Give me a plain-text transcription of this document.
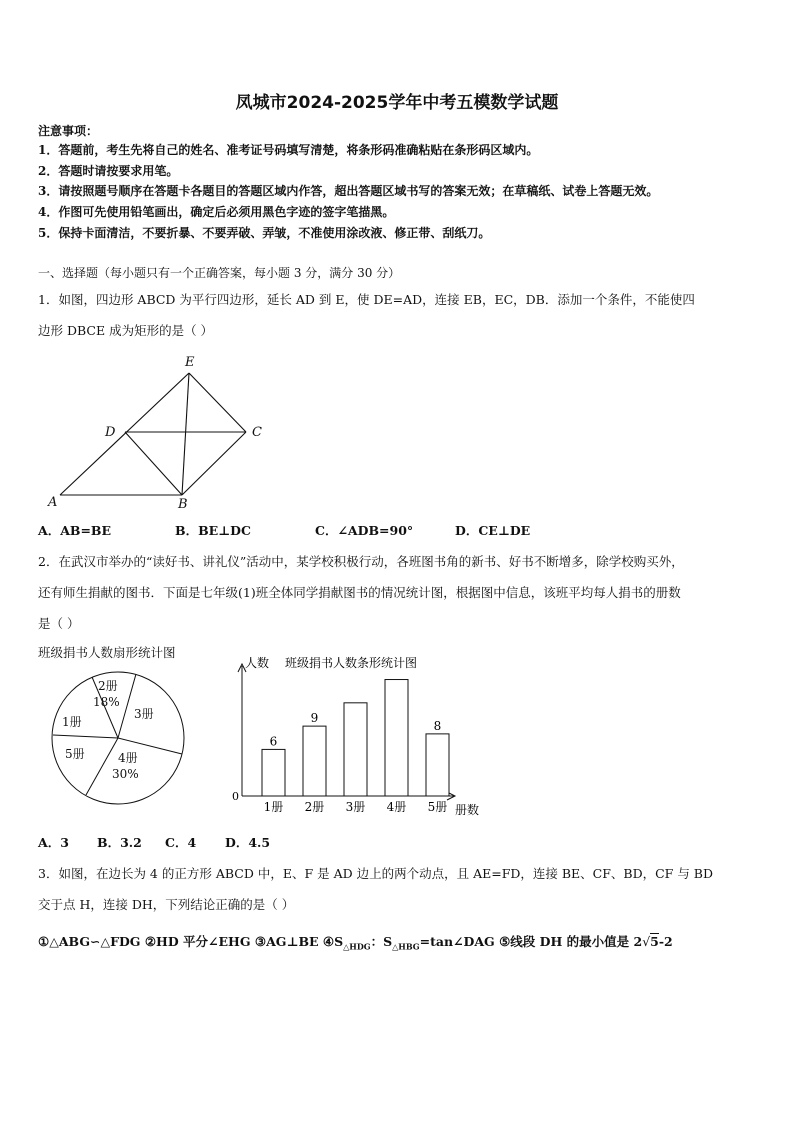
凤城市2024-2025学年中考五模数学试题
注意事项：
1．答题前，考生先将自己的姓名、准考证号码填写清楚，将条形码准确粘贴在条形码区域内。
2．答题时请按要求用笔。
3．请按照题号顺序在答题卡各题目的答题区域内作答，超出答题区域书写的答案无效；在草稿纸、试卷上答题无效。
4．作图可先使用铅笔画出，确定后必须用黑色字迹的签字笔描黑。
5．保持卡面清洁，不要折暴、不要弄破、弄皱，不准使用涂改液、修正带、刮纸刀。
一、选择题（每小题只有一个正确答案，每小题 3 分，满分 30 分）
1．如图，四边形 ABCD 为平行四边形，延长 AD 到 E，使 DE=AD，连接 EB，EC，DB．添加一个条件，不能使四
边形 DBCE 成为矩形的是（ ）
E
D	C
A	B
A．AB=BE	B．BE⊥DC	C．∠ADB=90°	D．CE⊥DE
2．在武汉市举办的“读好书、讲礼仪”活动中，某学校积极行动，各班图书角的新书、好书不断增多，除学校购买外，
还有师生捐献的图书．下面是七年级(1)班全体同学捐献图书的情况统计图，根据图中信息，该班平均每人捐书的册数
是（ ）
班级捐书人数扇形统计图
2册
18%
3册
1册
5册	4册
30%
人数 班级捐书人数条形统计图
0
册数
1册
6
2册
9
3册 4册 5册
8
A．3 B．3.2 C．4 D．4.5
3．如图，在边长为 4 的正方形 ABCD 中，E、F 是 AD 边上的两个动点，且 AE=FD，连接 BE、CF、BD，CF 与 BD
交于点 H，连接 DH，下列结论正确的是（ ）
①△ABG∽△FDG ②HD 平分∠EHG ③AG⊥BE $④S_{\triangle HDG}$：$S_{\triangle HBG}=\tan\angle DAG$ ⑤线段 DH 的最小值是 2√5-2
